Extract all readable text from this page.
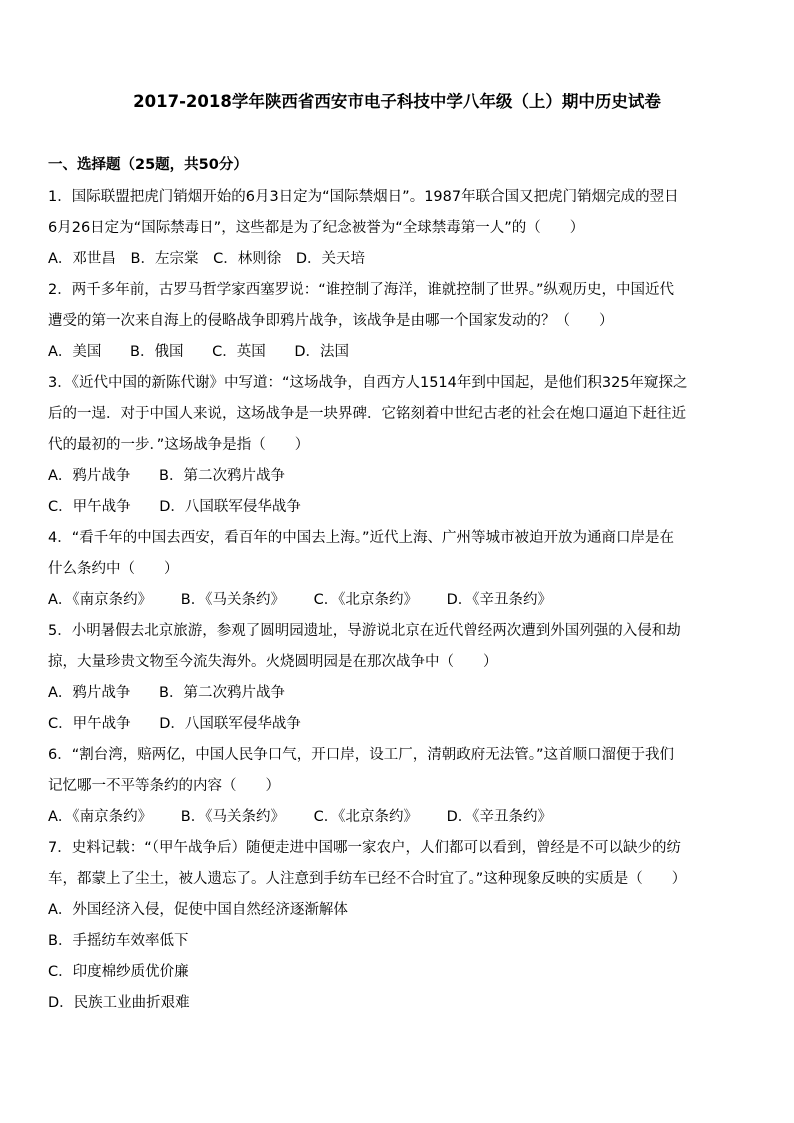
2017-2018学年陕西省西安市电子科技中学八年级（上）期中历史试卷
一、选择题（25题，共50分）
1．国际联盟把虎门销烟开始的6月3日定为“国际禁烟日”。1987年联合国又把虎门销烟完成的翌日
6月26日定为“国际禁毒日”，这些都是为了纪念被誉为“全球禁毒第一人”的（　　）
A．邓世昌 B．左宗棠 C．林则徐 D．关天培
2．两千多年前，古罗马哲学家西塞罗说：“谁控制了海洋，谁就控制了世界。”纵观历史，中国近代
遭受的第一次来自海上的侵略战争即鸦片战争，该战争是由哪一个国家发动的？（　　）
A．美国 B．俄国 C．英国 D．法国
3．《近代中国的新陈代谢》中写道：“这场战争，自西方人1514年到中国起，是他们积325年窥探之
后的一逞．对于中国人来说，这场战争是一块界碑．它铭刻着中世纪古老的社会在炮口逼迫下赶往近
代的最初的一步．”这场战争是指（　　）
A．鸦片战争 B．第二次鸦片战争
C．甲午战争 D．八国联军侵华战争
4．“看千年的中国去西安，看百年的中国去上海。”近代上海、广州等城市被迫开放为通商口岸是在
什么条约中（　　）
A．《南京条约》 B．《马关条约》 C．《北京条约》 D．《辛丑条约》
5．小明暑假去北京旅游，参观了圆明园遗址，导游说北京在近代曾经两次遭到外国列强的入侵和劫
掠，大量珍贵文物至今流失海外。火烧圆明园是在那次战争中（　　）
A．鸦片战争 B．第二次鸦片战争
C．甲午战争 D．八国联军侵华战争
6．“割台湾，赔两亿，中国人民争口气，开口岸，设工厂，清朝政府无法管。”这首顺口溜便于我们
记忆哪一不平等条约的内容（　　）
A．《南京条约》 B．《马关条约》 C．《北京条约》 D．《辛丑条约》
7．史料记载：“（甲午战争后）随便走进中国哪一家农户，人们都可以看到，曾经是不可以缺少的纺
车，都蒙上了尘土，被人遗忘了。人注意到手纺车已经不合时宜了。”这种现象反映的实质是（　　）
A．外国经济入侵，促使中国自然经济逐渐解体
B．手摇纺车效率低下
C．印度棉纱质优价廉
D．民族工业曲折艰难
